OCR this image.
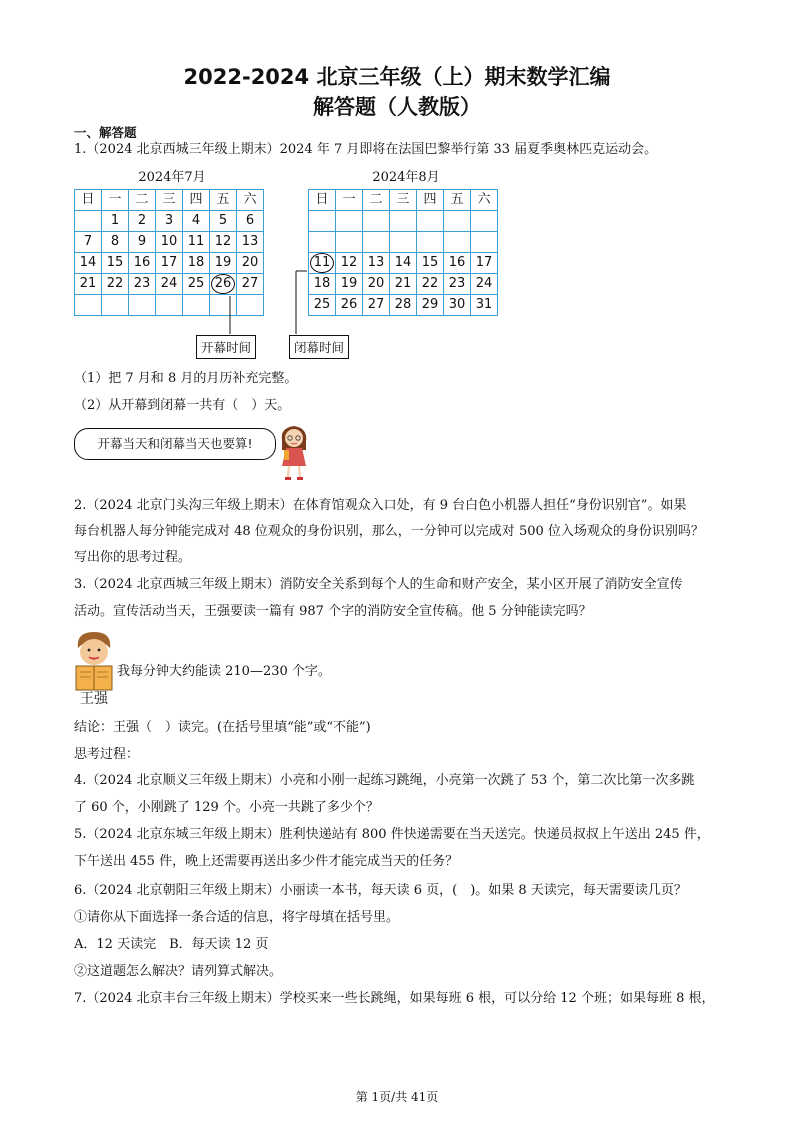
2022-2024 北京三年级（上）期末数学汇编
解答题（人教版）
一、解答题
1.（2024 北京西城三年级上期末）2024 年 7 月即将在法国巴黎举行第 33 届夏季奥林匹克运动会。
2024年7月
日	一	二	三	四	五	六
	1	2	3	4	5	6
7	8	9	10	11	12	13
14	15	16	17	18	19	20
21	22	23	24	25	26	27

2024年8月
日	一	二	三	四	五	六

11	12	13	14	15	16	17
18	19	20	21	22	23	24
25	26	27	28	29	30	31
开幕时间	闭幕时间
（1）把 7 月和 8 月的月历补充完整。
（2）从开幕到闭幕一共有（　）天。
开幕当天和闭幕当天也要算!
2.（2024 北京门头沟三年级上期末）在体育馆观众入口处，有 9 台白色小机器人担任“身份识别官”。如果
每台机器人每分钟能完成对 48 位观众的身份识别，那么，一分钟可以完成对 500 位入场观众的身份识别吗？
写出你的思考过程。
3.（2024 北京西城三年级上期末）消防安全关系到每个人的生命和财产安全，某小区开展了消防安全宣传
活动。宣传活动当天，王强要读一篇有 987 个字的消防安全宣传稿。他 5 分钟能读完吗？
我每分钟大约能读 210—230 个字。
王强
结论：王强（　）读完。(在括号里填“能”或“不能”)
思考过程：
4.（2024 北京顺义三年级上期末）小亮和小刚一起练习跳绳，小亮第一次跳了 53 个，第二次比第一次多跳
了 60 个，小刚跳了 129 个。小亮一共跳了多少个？
5.（2024 北京东城三年级上期末）胜利快递站有 800 件快递需要在当天送完。快递员叔叔上午送出 245 件，
下午送出 455 件，晚上还需要再送出多少件才能完成当天的任务？
6.（2024 北京朝阳三年级上期末）小丽读一本书，每天读 6 页，(　)。如果 8 天读完，每天需要读几页？
①请你从下面选择一条合适的信息，将字母填在括号里。
A．12 天读完　B．每天读 12 页
②这道题怎么解决？请列算式解决。
7.（2024 北京丰台三年级上期末）学校买来一些长跳绳，如果每班 6 根，可以分给 12 个班；如果每班 8 根，
第 1页/共 41页
